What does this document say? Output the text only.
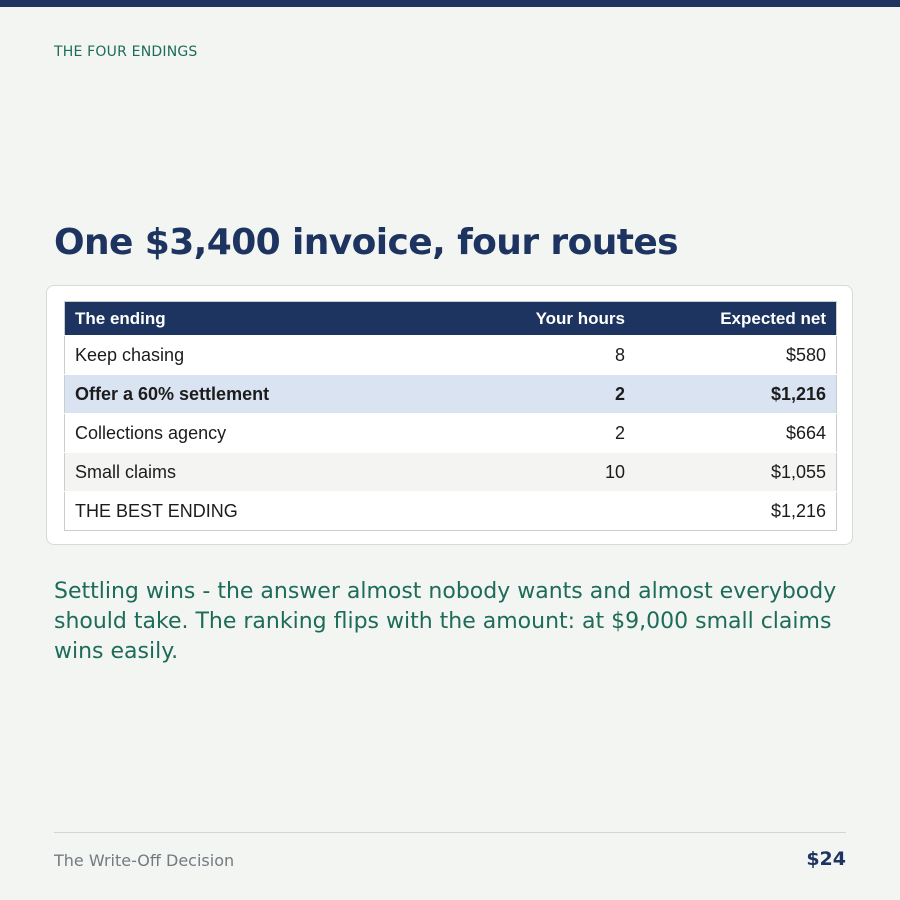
THE FOUR ENDINGS
One $3,400 invoice, four routes
The ending	Your hours	Expected net
Keep chasing	8	$580
Offer a 60% settlement	2	$1,216
Collections agency	2	$664
Small claims	10	$1,055
THE BEST ENDING		$1,216

Settling wins - the answer almost nobody wants and almost everybody should take. The ranking flips with the amount: at $9,000 small claims wins easily.

The Write-Off Decision	$24
